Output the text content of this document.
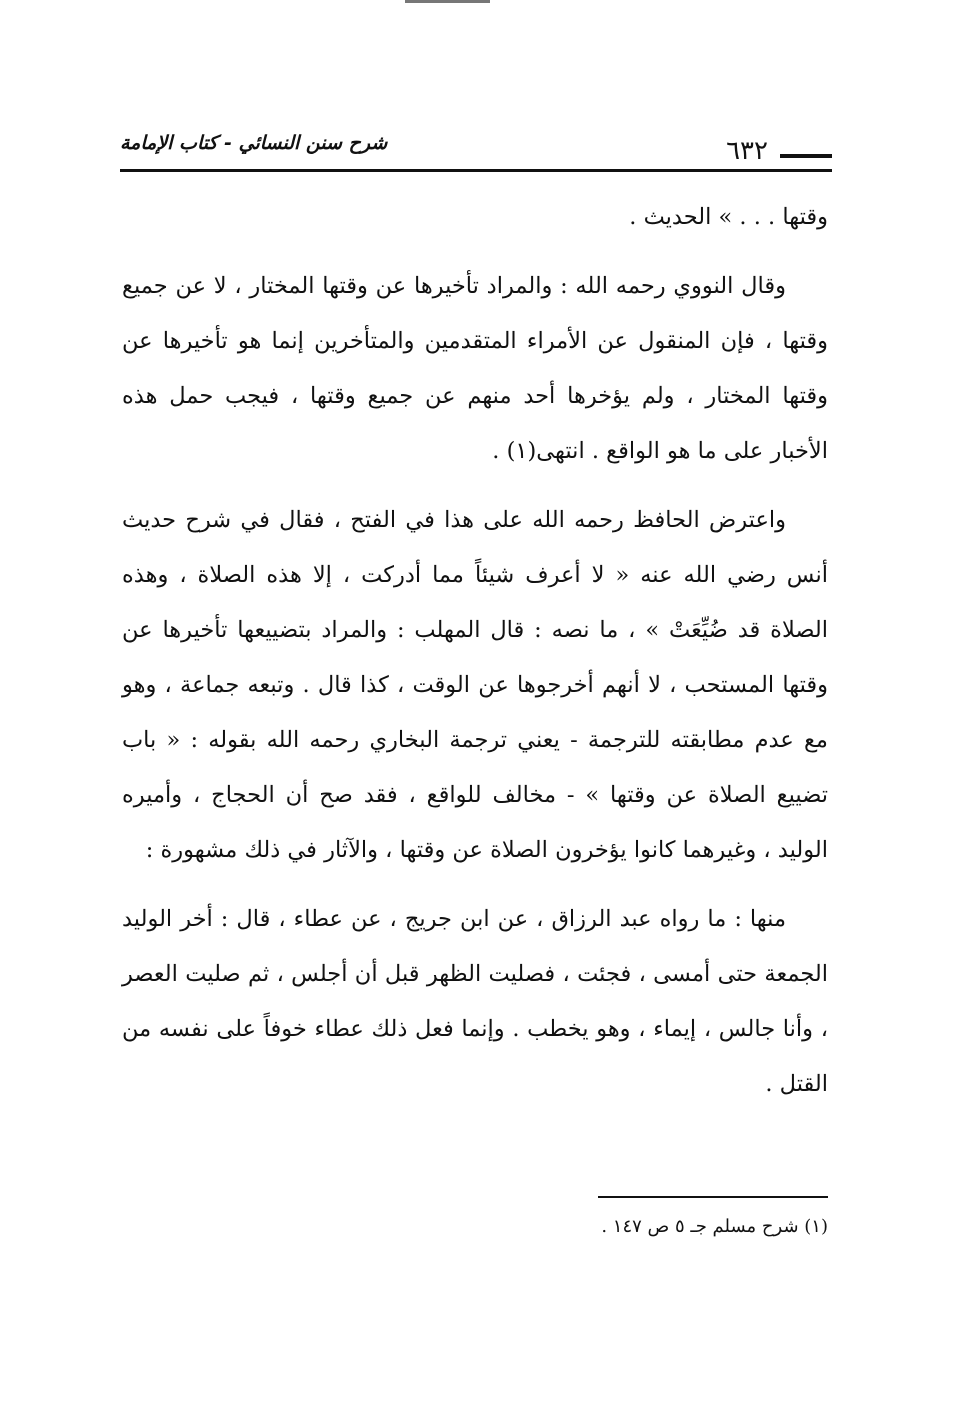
شرح سنن النسائي - كتاب الإمامة	٦٣٢

وقتها . . . » الحديث .

وقال النووي رحمه الله : والمراد تأخيرها عن وقتها المختار ، لا عن جميع وقتها ، فإن المنقول عن الأمراء المتقدمين والمتأخرين إنما هو تأخيرها عن وقتها المختار ، ولم يؤخرها أحد منهم عن جميع وقتها ، فيجب حمل هذه الأخبار على ما هو الواقع . انتهى(١) .

واعترض الحافظ رحمه الله على هذا في الفتح ، فقال في شرح حديث أنس رضي الله عنه « لا أعرف شيئاً مما أدركت ، إلا هذه الصلاة ، وهذه الصلاة قد ضُيِّعَتْ » ، ما نصه : قال المهلب : والمراد بتضييعها تأخيرها عن وقتها المستحب ، لا أنهم أخرجوها عن الوقت ، كذا قال . وتبعه جماعة ، وهو مع عدم مطابقته للترجمة - يعني ترجمة البخاري رحمه الله بقوله : « باب تضييع الصلاة عن وقتها » - مخالف للواقع ، فقد صح أن الحجاج ، وأميره الوليد ، وغيرهما كانوا يؤخرون الصلاة عن وقتها ، والآثار في ذلك مشهورة :

منها : ما رواه عبد الرزاق ، عن ابن جريج ، عن عطاء ، قال : أخر الوليد الجمعة حتى أمسى ، فجئت ، فصليت الظهر قبل أن أجلس ، ثم صليت العصر ، وأنا جالس ، إيماء ، وهو يخطب . وإنما فعل ذلك عطاء خوفاً على نفسه من القتل .

(١) شرح مسلم جـ ٥ ص ١٤٧ .
